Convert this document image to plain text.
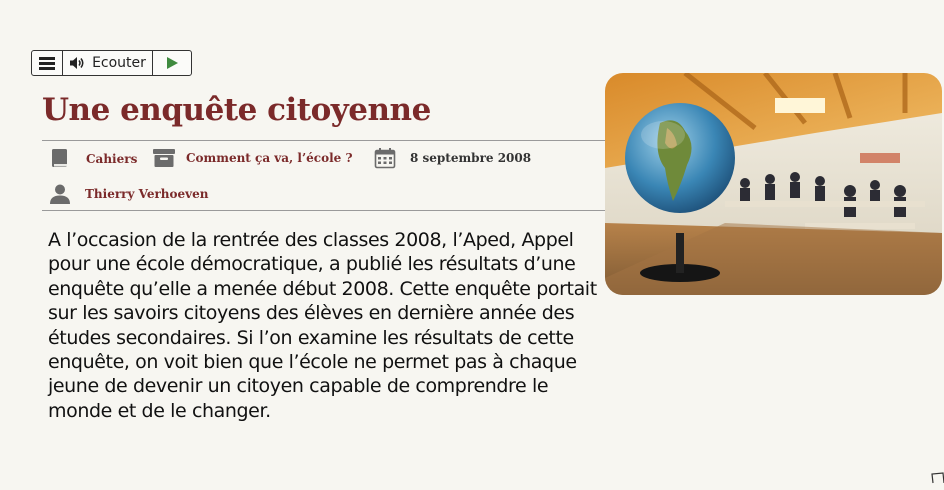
Ecouter
Une enquête citoyenne
Cahiers	Comment ça va, l’école ?	8 septembre 2008
Thierry Verhoeven

A l’occasion de la rentrée des classes 2008, l’Aped, Appel pour une école démocratique, a publié les résultats d’une enquête qu’elle a menée début 2008. Cette enquête portait sur les savoirs citoyens des élèves en dernière année des études secondaires. Si l’on examine les résultats de cette enquête, on voit bien que l’école ne permet pas à chaque jeune de devenir un citoyen capable de comprendre le monde et de le changer.
